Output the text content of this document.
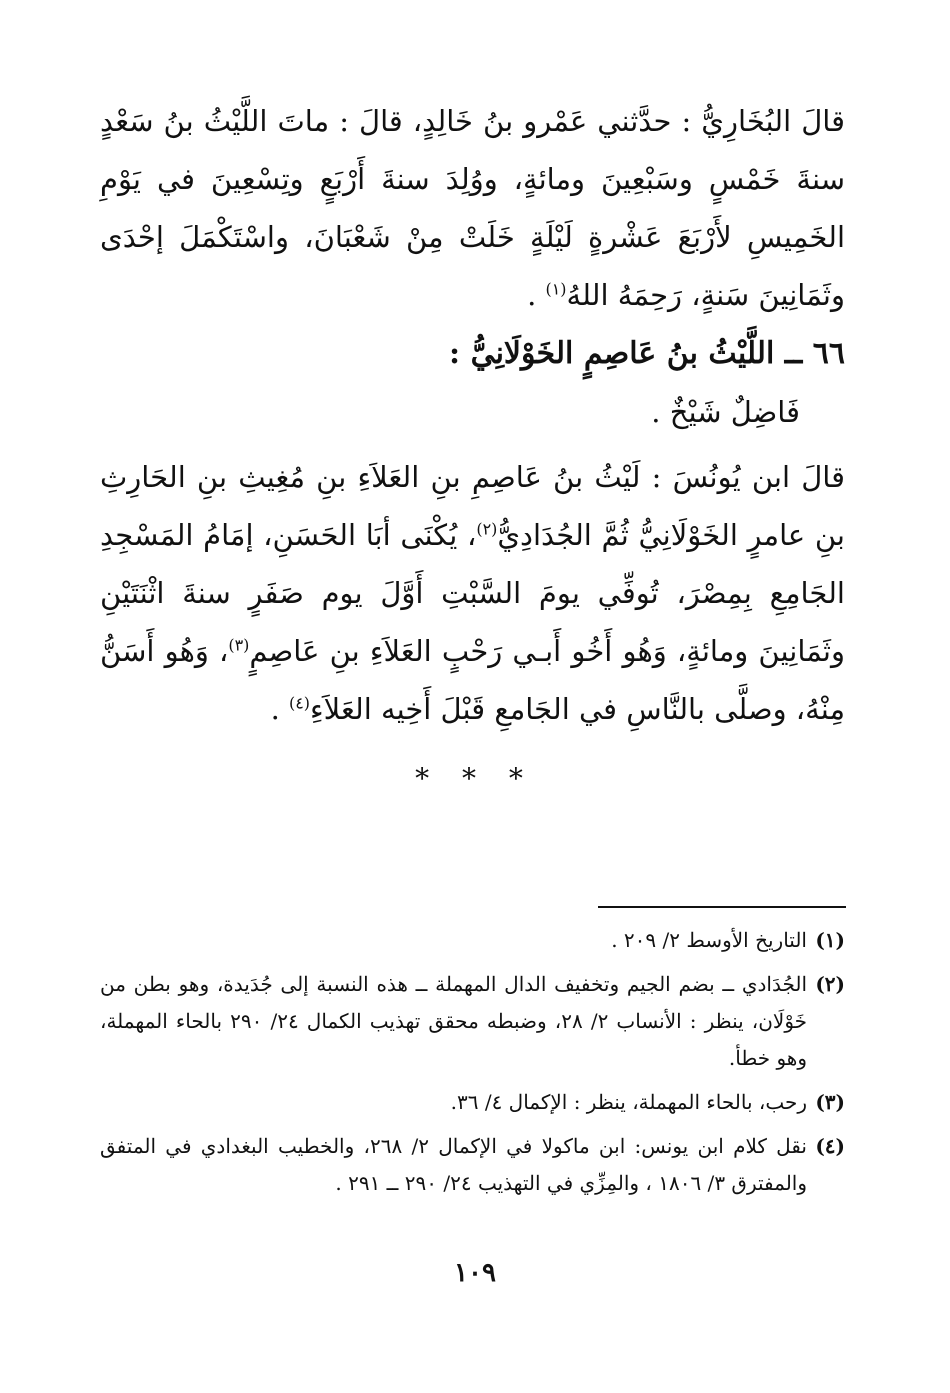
قالَ البُخَارِيُّ : حدَّثني عَمْرو بنُ خَالِدٍ، قالَ : ماتَ اللَّيْثُ بنُ سَعْدٍ سنةَ خَمْسٍ وسَبْعِينَ ومائةٍ، ووُلِدَ سنةَ أَرْبَعٍ وتِسْعِينَ في يَوْمِ الخَمِيسِ لأَرْبَعَ عَشْرةٍ لَيْلَةٍ خَلَتْ مِنْ شَعْبَانَ، واسْتَكْمَلَ إحْدَى وثَمَانِينَ سَنةٍ، رَحِمَهُ اللهُ$^{(١)}$ .

٦٦ ــ اللَّيْثُ بنُ عَاصِمٍ الخَوْلَانِيُّ :
فَاضِلٌ شَيْخٌ .

قالَ ابن يُونُسَ : لَيْثُ بنُ عَاصِمِ بنِ العَلاَءِ بنِ مُغِيثِ بنِ الحَارِثِ بنِ عامرٍ الخَوْلَانِيُّ ثُمَّ الجُدَادِيُّ$^{(٢)}$، يُكْنَى أبَا الحَسَنِ، إمَامُ المَسْجِدِ الجَامِعِ بِمِصْرَ، تُوفِّي يومَ السَّبْتِ أَوَّلَ يوم صَفَرٍ سنةَ اثْنَتَيْنِ وثَمَانِينَ ومائةٍ، وَهُو أَخُو أَبـي رَحْبٍ العَلاَءِ بنِ عَاصِمٍ$^{(٣)}$، وَهُو أَسَنُّ مِنْهُ، وصلَّى بالنَّاسِ في الجَامعِ قَبْلَ أَخِيه العَلاَءِ$^{(٤)}$ .

* * *
(١)
التاريخ الأوسط ٢/ ٢٠٩ .
(٢)
الجُدَادي ــ بضم الجيم وتخفيف الدال المهملة ــ هذه النسبة إلى جُدَيدة، وهو بطن من خَوْلَان، ينظر : الأنساب ٢/ ٢٨، وضبطه محقق تهذيب الكمال ٢٤/ ٢٩٠ بالحاء المهملة، وهو خطأ.
(٣)
رحب، بالحاء المهملة، ينظر : الإكمال ٤/ ٣٦.
(٤)
نقل كلام ابن يونس: ابن ماكولا في الإكمال ٢/ ٢٦٨، والخطيب البغدادي في المتفق والمفترق ٣/ ١٨٠٦ ، والمِزِّي في التهذيب ٢٤/ ٢٩٠ ــ ٢٩١ .
١٠٩
